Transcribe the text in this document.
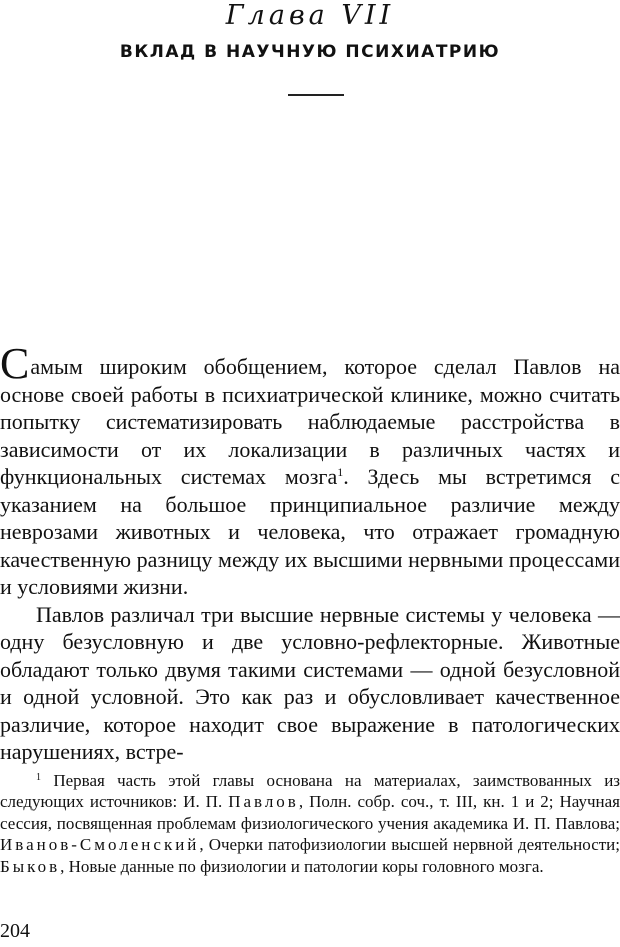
Глава VII
ВКЛАД В НАУЧНУЮ ПСИХИАТРИЮ

Самым широким обобщением, которое сделал Павлов на основе своей работы в психиатрической клинике, можно считать попытку систематизировать наблюдаемые расстройства в зависимости от их локализации в различных частях и функциональных системах мозга$^1$. Здесь мы встретимся с указанием на большое принципиальное различие между неврозами животных и человека, что отражает громадную качественную разницу между их высшими нервными процессами и условиями жизни.

Павлов различал три высшие нервные системы у человека — одну безусловную и две условно-рефлекторные. Животные обладают только двумя такими системами — одной безусловной и одной условной. Это как раз и обусловливает качественное различие, которое находит свое выражение в патологических нарушениях, встре-

$^1$ Первая часть этой главы основана на материалах, заимствованных из следующих источников: И. П. Павлов, Полн. собр. соч., т. III, кн. 1 и 2; Научная сессия, посвященная проблемам физиологического учения академика И. П. Павлова; Иванов-Смоленский, Очерки патофизиологии высшей нервной деятельности; Быков, Новые данные по физиологии и патологии коры головного мозга.

204
